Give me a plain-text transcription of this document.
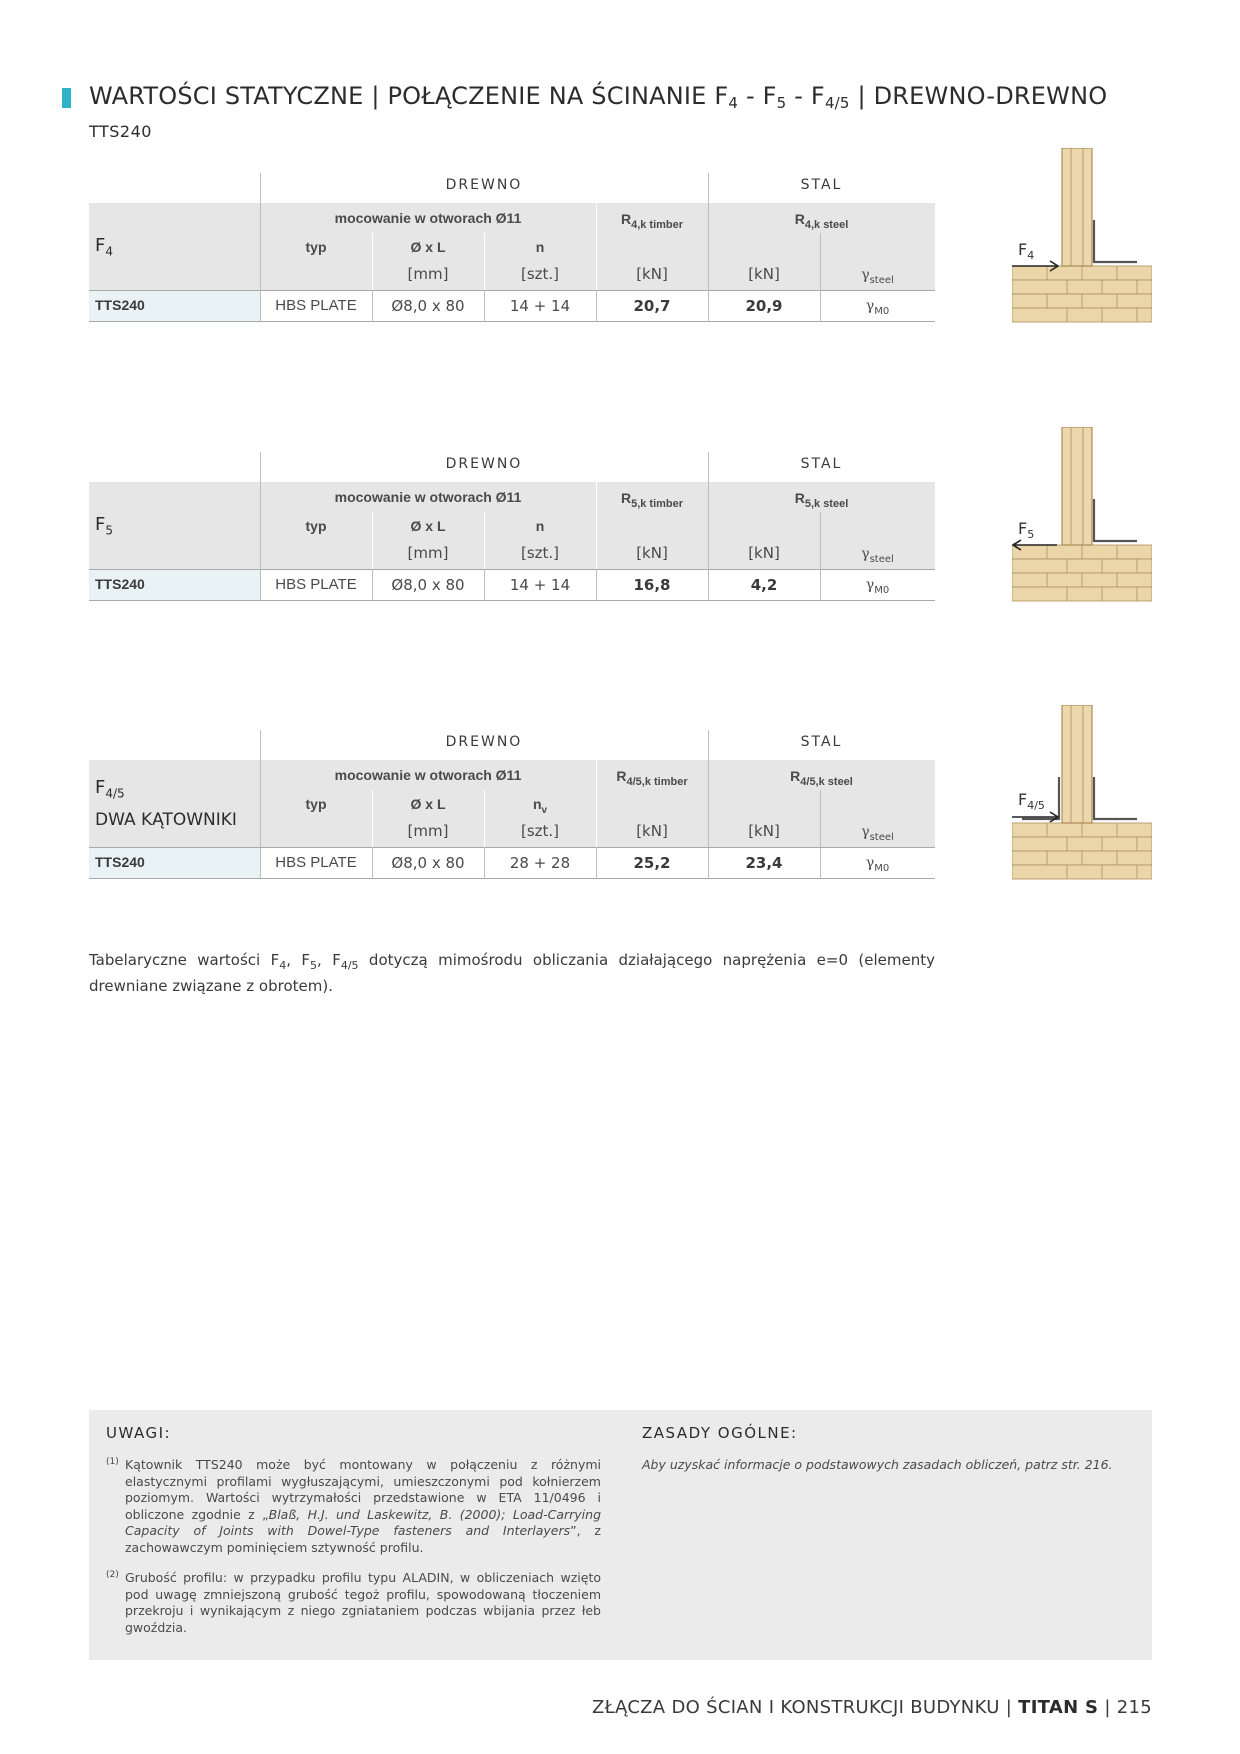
WARTOŚCI STATYCZNE | POŁĄCZENIE NA ŚCINANIE $F_4 - F_5 - F_{4/5}$ | DREWNO-DREWNO
TTS240
$F_4$
DREWNO	STAL
mocowanie w otworach Ø11	$R_{4,k timber}$	$R_{4,k steel}$
typ	Ø x L	n
[mm]	[szt.]	[kN]	[kN]	$\gamma_{steel}$
TTS240	HBS PLATE	Ø8,0 x 80	14 + 14	20,7	20,9	$\gamma_{M0}$
$F_5$
DREWNO	STAL
mocowanie w otworach Ø11	$R_{5,k timber}$	$R_{5,k steel}$
typ	Ø x L	n
[mm]	[szt.]	[kN]	[kN]	$\gamma_{steel}$
TTS240	HBS PLATE	Ø8,0 x 80	14 + 14	16,8	4,2	$\gamma_{M0}$
$F_{4/5}$
DWA KĄTOWNIKI
DREWNO	STAL
mocowanie w otworach Ø11	$R_{4/5,k timber}$	$R_{4/5,k steel}$
typ	Ø x L	$n_v$
[mm]	[szt.]	[kN]	[kN]	$\gamma_{steel}$
TTS240	HBS PLATE	Ø8,0 x 80	28 + 28	25,2	23,4	$\gamma_{M0}$
$F_4$
$F_5$
$F_{4/5}$
Tabelaryczne wartości $F_4$, $F_5$, $F_{4/5}$ dotyczą mimośrodu obliczania działającego naprężenia e=0 (elementy drewniane związane z obrotem).
UWAGI:	ZASADY OGÓLNE:
(1) Kątownik TTS240 może być montowany w połączeniu z różnymi elastycznymi profilami wygłuszającymi, umieszczonymi pod kołnierzem poziomym. Wartości wytrzymałości przedstawione w ETA 11/0496 i obliczone zgodnie z „Blaß, H.J. und Laskewitz, B. (2000); Load-Carrying Capacity of Joints with Dowel-Type fasteners and Interlayers”, z zachowawczym pominięciem sztywność profilu.
(2) Grubość profilu: w przypadku profilu typu ALADIN, w obliczeniach wzięto pod uwagę zmniejszoną grubość tegoż profilu, spowodowaną tłoczeniem przekroju i wynikającym z niego zgniataniem podczas wbijania przez łeb gwoździa.
Aby uzyskać informacje o podstawowych zasadach obliczeń, patrz str. 216.
ZŁĄCZA DO ŚCIAN I KONSTRUKCJI BUDYNKU | TITAN S | 215
